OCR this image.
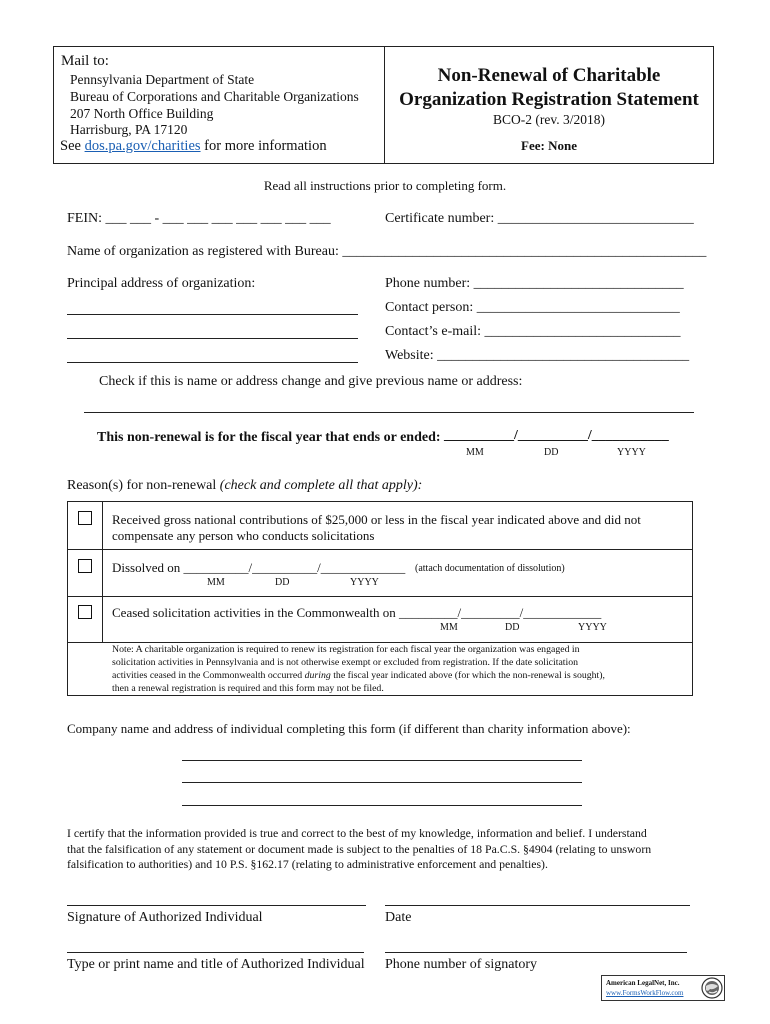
Mail to:
Pennsylvania Department of State
Bureau of Corporations and Charitable Organizations
207 North Office Building
Harrisburg, PA 17120
See dos.pa.gov/charities for more information
Non-Renewal of Charitable
Organization Registration Statement
BCO-2 (rev. 3/2018)
Fee: None
Read all instructions prior to completing form.
FEIN: ___ ___ - ___ ___ ___ ___ ___ ___ ___	Certificate number: ____________________________
Name of organization as registered with Bureau: ____________________________________________________
Principal address of organization:	Phone number: ______________________________
Contact person: _____________________________
Contact’s e-mail: ____________________________
Website: ____________________________________
Check if this is name or address change and give previous name or address:
This non-renewal is for the fiscal year that ends or ended: __________/__________/___________
MM	DD	YYYY
Reason(s) for non-renewal (check and complete all that apply):
Received gross national contributions of $25,000 or less in the fiscal year indicated above and did not
compensate any person who conducts solicitations
Dissolved on __________/__________/_____________ (attach documentation of dissolution)
MM	DD	YYYY
Ceased solicitation activities in the Commonwealth on _________/_________/____________
MM	DD	YYYY
Note: A charitable organization is required to renew its registration for each fiscal year the organization was engaged in
solicitation activities in Pennsylvania and is not otherwise exempt or excluded from registration. If the date solicitation
activities ceased in the Commonwealth occurred during the fiscal year indicated above (for which the non-renewal is sought),
then a renewal registration is required and this form may not be filed.
Company name and address of individual completing this form (if different than charity information above):
I certify that the information provided is true and correct to the best of my knowledge, information and belief. I understand
that the falsification of any statement or document made is subject to the penalties of 18 Pa.C.S. §4904 (relating to unsworn
falsification to authorities) and 10 P.S. §162.17 (relating to administrative enforcement and penalties).
Signature of Authorized Individual	Date
Type or print name and title of Authorized Individual Phone number of signatory
American LegalNet, Inc.
www.FormsWorkFlow.com
